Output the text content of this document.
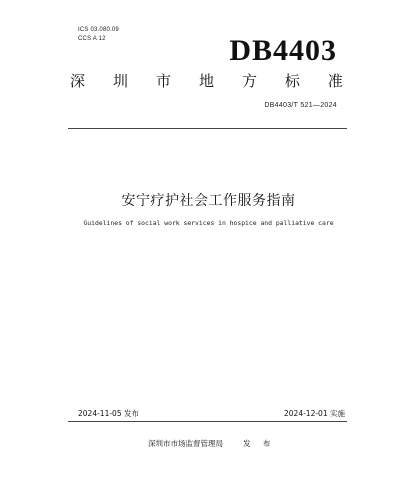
ICS 03.080.09
CCS A 12	DB4403
深 圳 市 地 方 标 准
DB4403/T 521—2024
安宁疗护社会工作服务指南
Guidelines of social work services in hospice and palliative care
2024-11-05 发布	2024-12-01 实施
深圳市市场监督管理局	发 布
